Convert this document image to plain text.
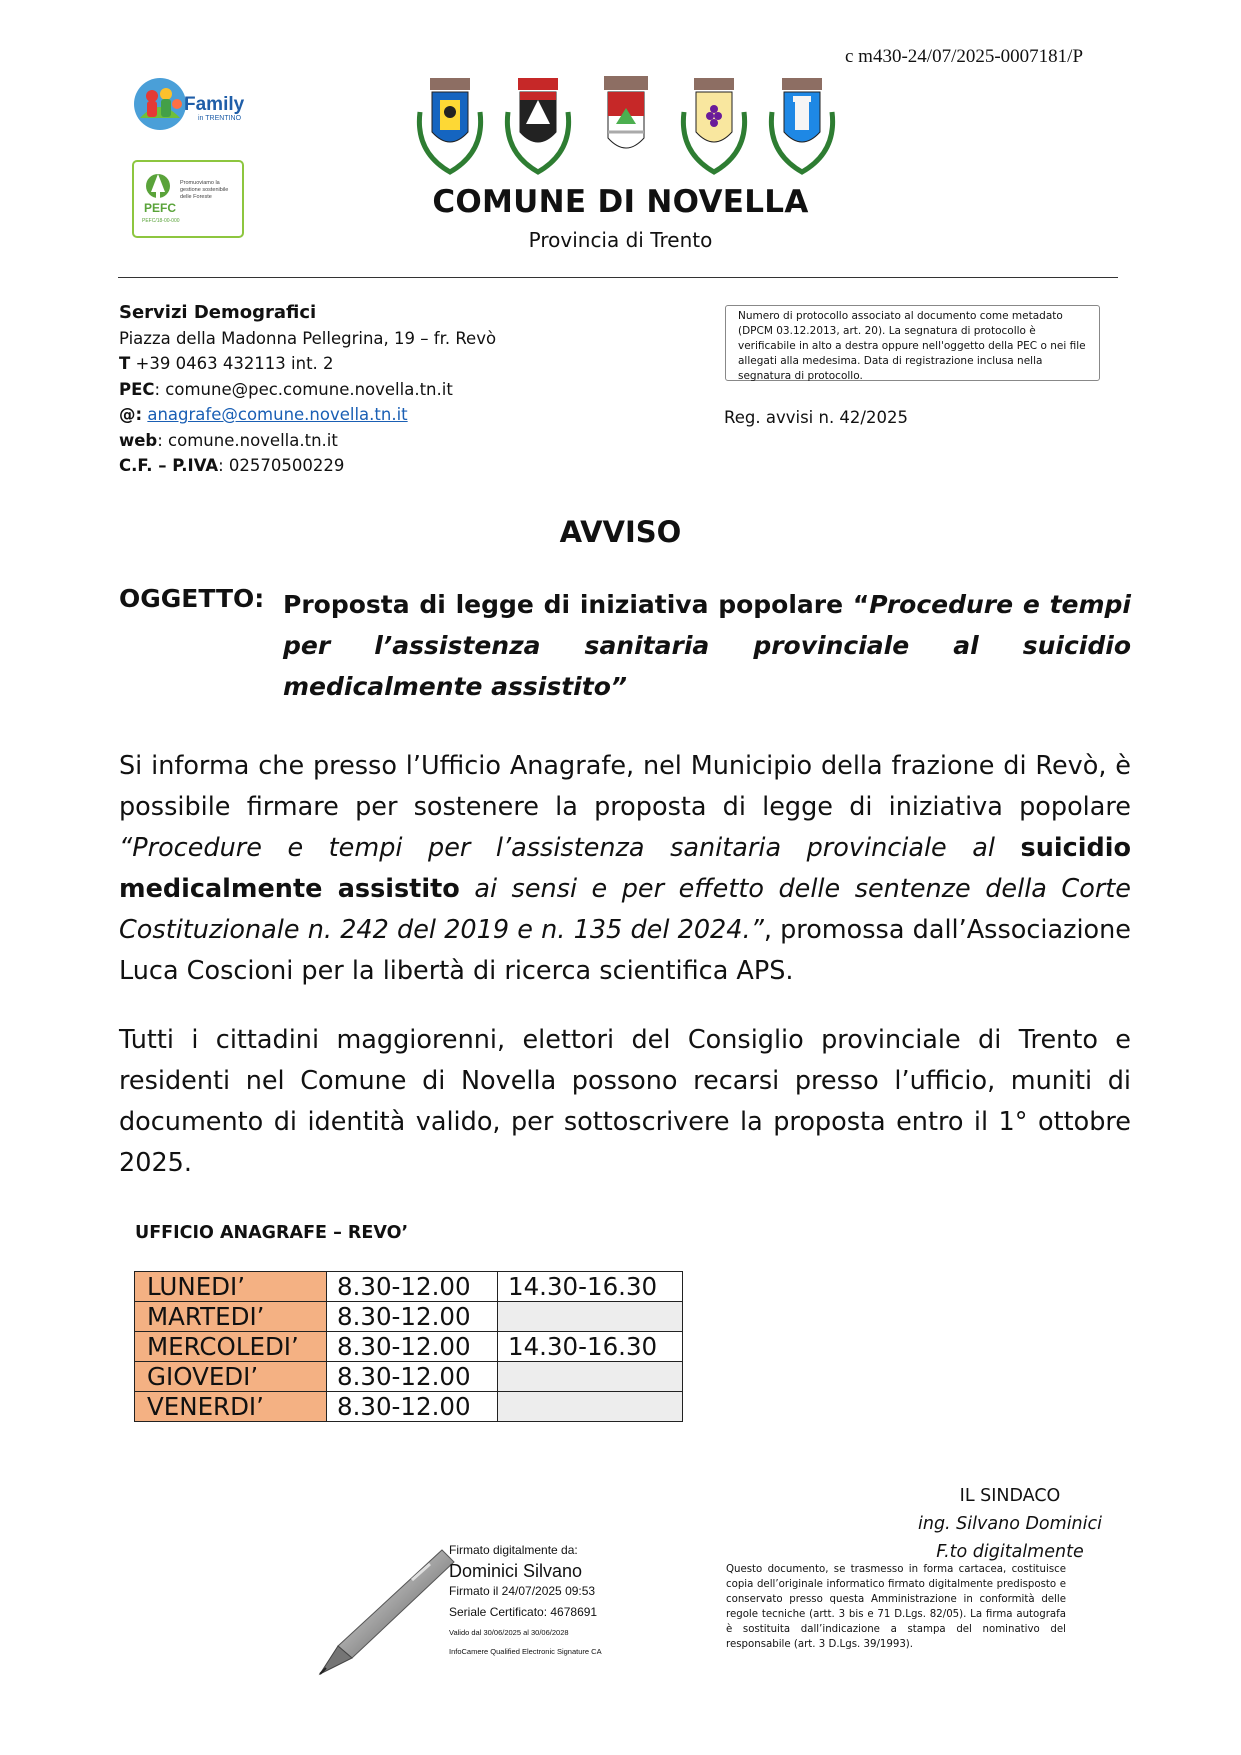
c m430-24/07/2025-0007181/P
Family
in TRENTINO
PEFC
PEFC/18-00-000
Promuoviamo la
gestione sostenibile
delle Foreste	COMUNE DI NOVELLA
Provincia di Trento
Servizi Demografici
Piazza della Madonna Pellegrina, 19 – fr. Revò
T +39 0463 432113 int. 2
PEC: comune@pec.comune.novella.tn.it
@: anagrafe@comune.novella.tn.it
web: comune.novella.tn.it
C.F. – P.IVA: 02570500229
Numero di protocollo associato al documento come metadato (DPCM 03.12.2013, art. 20). La segnatura di protocollo è verificabile in alto a destra oppure nell'oggetto della PEC o nei file allegati alla medesima. Data di registrazione inclusa nella segnatura di protocollo.
Reg. avvisi n. 42/2025
AVVISO
OGGETTO: Proposta di legge di iniziativa popolare “Procedure e tempi per l’assistenza sanitaria provinciale al suicidio medicalmente assistito”
Si informa che presso l’Ufficio Anagrafe, nel Municipio della frazione di Revò, è possibile firmare per sostenere la proposta di legge di iniziativa popolare “Procedure e tempi per l’assistenza sanitaria provinciale al suicidio medicalmente assistito ai sensi e per effetto delle sentenze della Corte Costituzionale n. 242 del 2019 e n. 135 del 2024.”, promossa dall’Associazione Luca Coscioni per la libertà di ricerca scientifica APS.
Tutti i cittadini maggiorenni, elettori del Consiglio provinciale di Trento e residenti nel Comune di Novella possono recarsi presso l’ufficio, muniti di documento di identità valido, per sottoscrivere la proposta entro il 1° ottobre 2025.
UFFICIO ANAGRAFE – REVO’
LUNEDI’	8.30-12.00	14.30-16.30
MARTEDI’	8.30-12.00	
MERCOLEDI’	8.30-12.00	14.30-16.30
GIOVEDI’	8.30-12.00	
VENERDI’	8.30-12.00	
IL SINDACO
ing. Silvano Dominici
F.to digitalmente
Questo documento, se trasmesso in forma cartacea, costituisce copia dell’originale informatico firmato digitalmente predisposto e conservato presso questa Amministrazione in conformità delle regole tecniche (artt. 3 bis e 71 D.Lgs. 82/05). La firma autografa è sostituita dall’indicazione a stampa del nominativo del responsabile (art. 3 D.Lgs. 39/1993).
Firmato digitalmente da:
Dominici Silvano
Firmato il 24/07/2025 09:53
Seriale Certificato: 4678691
Valido dal 30/06/2025 al 30/06/2028
InfoCamere Qualified Electronic Signature CA
